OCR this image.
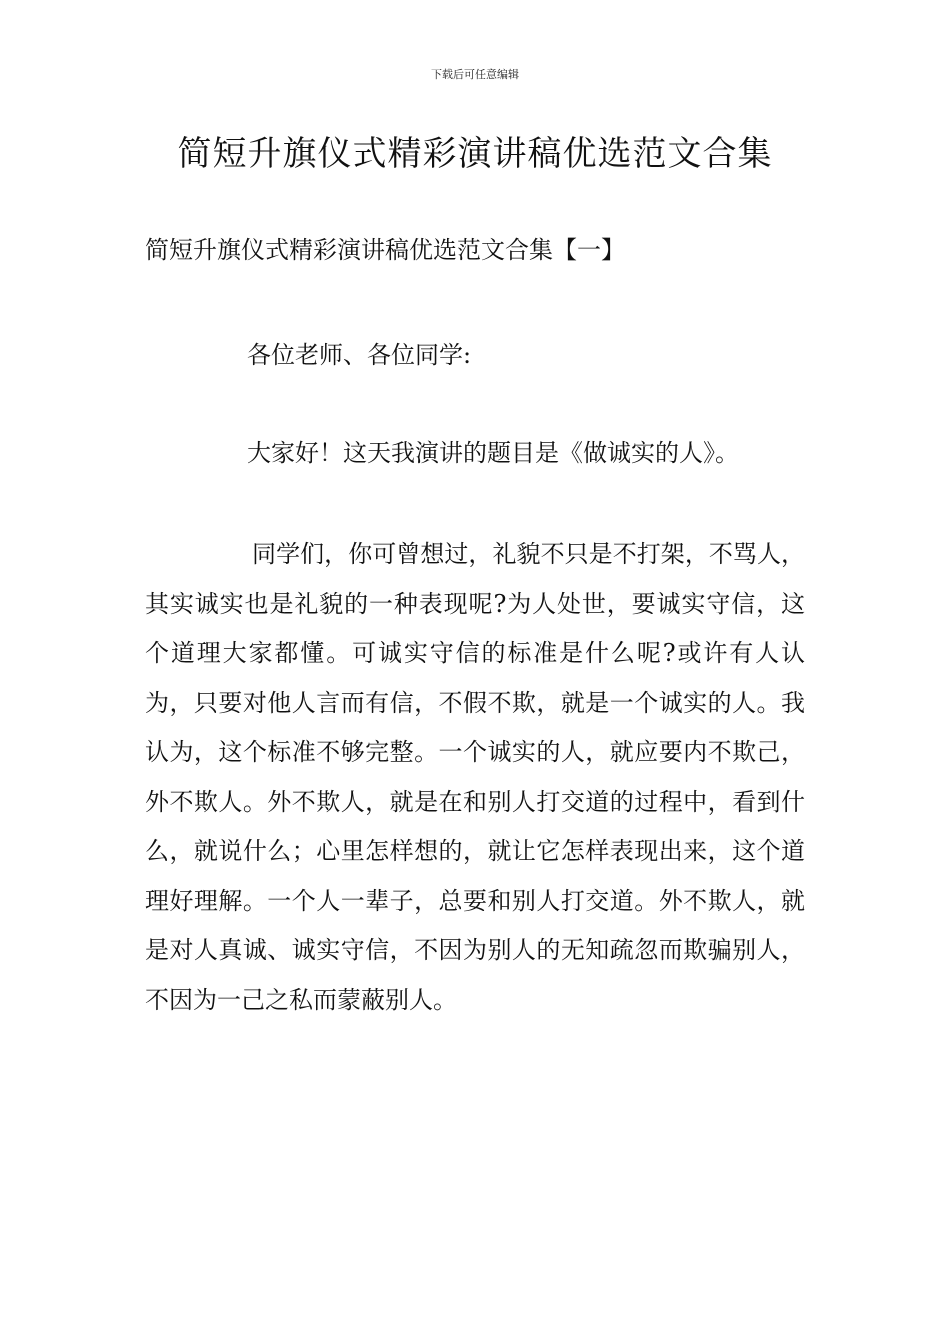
下载后可任意编辑
简短升旗仪式精彩演讲稿优选范文合集
简短升旗仪式精彩演讲稿优选范文合集【一】
各位老师、各位同学:
大家好！这天我演讲的题目是《做诚实的人》。
同学们，你可曾想过，礼貌不只是不打架，不骂人，其实诚实也是礼貌的一种表现呢?为人处世，要诚实守信，这个道理大家都懂。可诚实守信的标准是什么呢?或许有人认为，只要对他人言而有信，不假不欺，就是一个诚实的人。我认为，这个标准不够完整。一个诚实的人，就应要内不欺己，外不欺人。外不欺人，就是在和别人打交道的过程中，看到什么，就说什么；心里怎样想的，就让它怎样表现出来，这个道理好理解。一个人一辈子，总要和别人打交道。外不欺人，就是对人真诚、诚实守信，不因为别人的无知疏忽而欺骗别人，不因为一己之私而蒙蔽别人。
